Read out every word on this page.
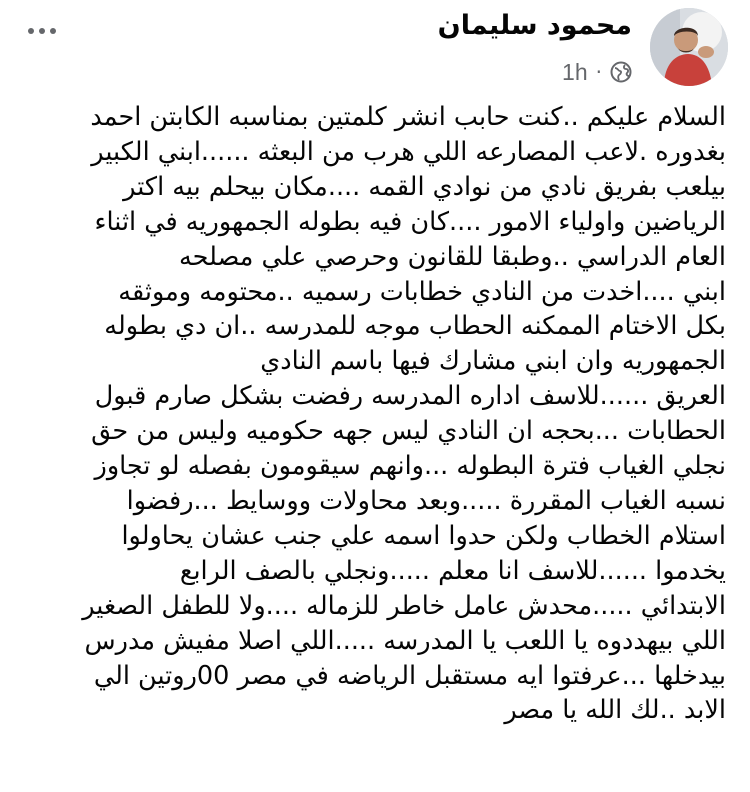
محمود سليمان
1h ·
السلام عليكم ..كنت حابب انشر كلمتين بمناسبه الكابتن احمد
بغدوره .لاعب المصارعه اللي هرب من البعثه ......ابني الكبير
بيلعب بفريق نادي من نوادي القمه ....مكان بيحلم بيه اكتر
الرياضين واولياء الامور ....كان فيه بطوله الجمهوريه في اثناء
العام الدراسي ..وطبقا للقانون وحرصي علي مصلحه
ابني ....اخدت من النادي خطابات رسميه ..محتومه وموثقه
بكل الاختام الممكنه الحطاب موجه للمدرسه ..ان دي بطوله
الجمهوريه وان ابني مشارك فيها باسم النادي
العريق ......للاسف اداره المدرسه رفضت بشكل صارم قبول
الحطابات ...بحجه ان النادي ليس جهه حكوميه وليس من حق
نجلي الغياب فترة البطوله ...وانهم سيقومون بفصله لو تجاوز
نسبه الغياب المقررة .....وبعد محاولات ووسايط ...رفضوا
استلام الخطاب ولكن حدوا اسمه علي جنب عشان يحاولوا
يخدموا ......للاسف انا معلم .....ونجلي بالصف الرابع
الابتدائي .....محدش عامل خاطر للزماله ....ولا للطفل الصغير
اللي بيهددوه يا اللعب يا المدرسه .....اللي اصلا مفيش مدرس
بيدخلها ...عرفتوا ايه مستقبل الرياضه في مصر 00روتين الي
الابد ..لك الله يا مصر
